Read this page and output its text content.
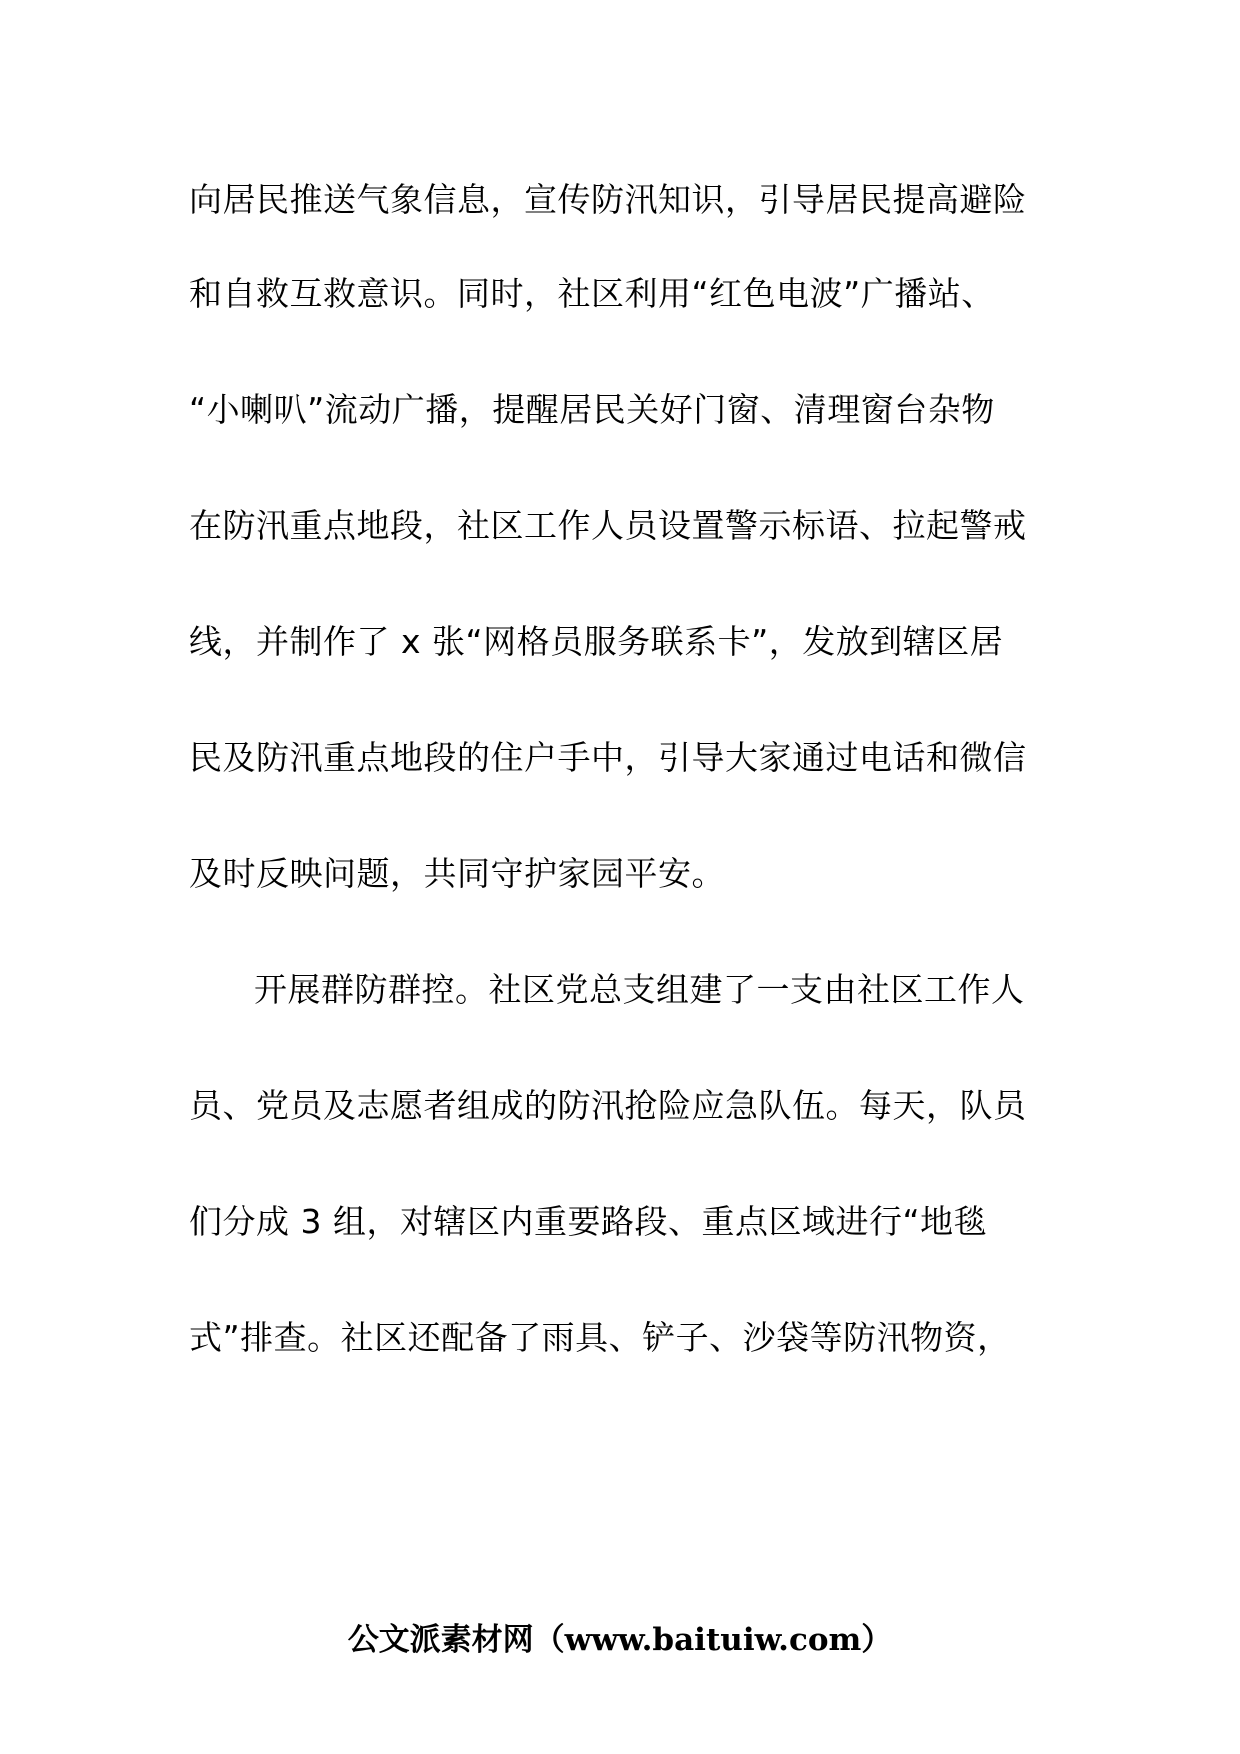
向居民推送气象信息，宣传防汛知识，引导居民提高避险
和自救互救意识。同时，社区利用“红色电波”广播站、
“小喇叭”流动广播，提醒居民关好门窗、清理窗台杂物
在防汛重点地段，社区工作人员设置警示标语、拉起警戒
线，并制作了 x 张“网格员服务联系卡”，发放到辖区居
民及防汛重点地段的住户手中，引导大家通过电话和微信
及时反映问题，共同守护家园平安。
开展群防群控。社区党总支组建了一支由社区工作人
员、党员及志愿者组成的防汛抢险应急队伍。每天，队员
们分成 3 组，对辖区内重要路段、重点区域进行“地毯
式”排查。社区还配备了雨具、铲子、沙袋等防汛物资，
公文派素材网（www.baituiw.com）
